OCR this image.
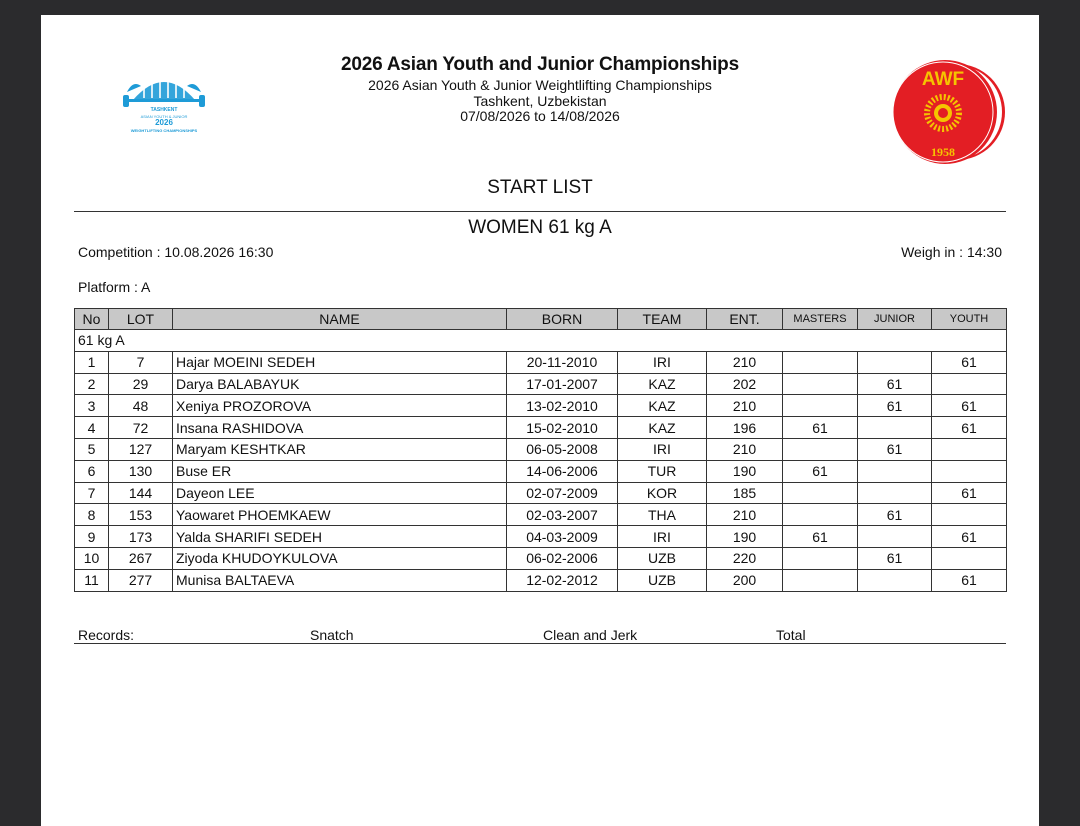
TASHKENT
ASIAN YOUTH & JUNIOR
2026
WEIGHTLIFTING CHAMPIONSHIPS
AWF
1958
2026 Asian Youth and Junior Championships
2026 Asian Youth & Junior Weightlifting Championships
Tashkent, Uzbekistan
07/08/2026 to 14/08/2026
START LIST
WOMEN 61 kg A
Competition : 10.08.2026 16:30	Weigh in : 14:30
Platform : A
No	LOT	NAME	BORN	TEAM	ENT.	MASTERS	JUNIOR	YOUTH
61 kg A								
1	7	Hajar MOEINI SEDEH	20-11-2010	IRI	210			61
2	29	Darya BALABAYUK	17-01-2007	KAZ	202		61	
3	48	Xeniya PROZOROVA	13-02-2010	KAZ	210		61	61
4	72	Insana RASHIDOVA	15-02-2010	KAZ	196	61		61
5	127	Maryam KESHTKAR	06-05-2008	IRI	210		61	
6	130	Buse ER	14-06-2006	TUR	190	61		
7	144	Dayeon LEE	02-07-2009	KOR	185			61
8	153	Yaowaret PHOEMKAEW	02-03-2007	THA	210		61	
9	173	Yalda SHARIFI SEDEH	04-03-2009	IRI	190	61		61
10	267	Ziyoda KHUDOYKULOVA	06-02-2006	UZB	220		61	
11	277	Munisa BALTAEVA	12-02-2012	UZB	200			61
Records:	Snatch	Clean and Jerk	Total
